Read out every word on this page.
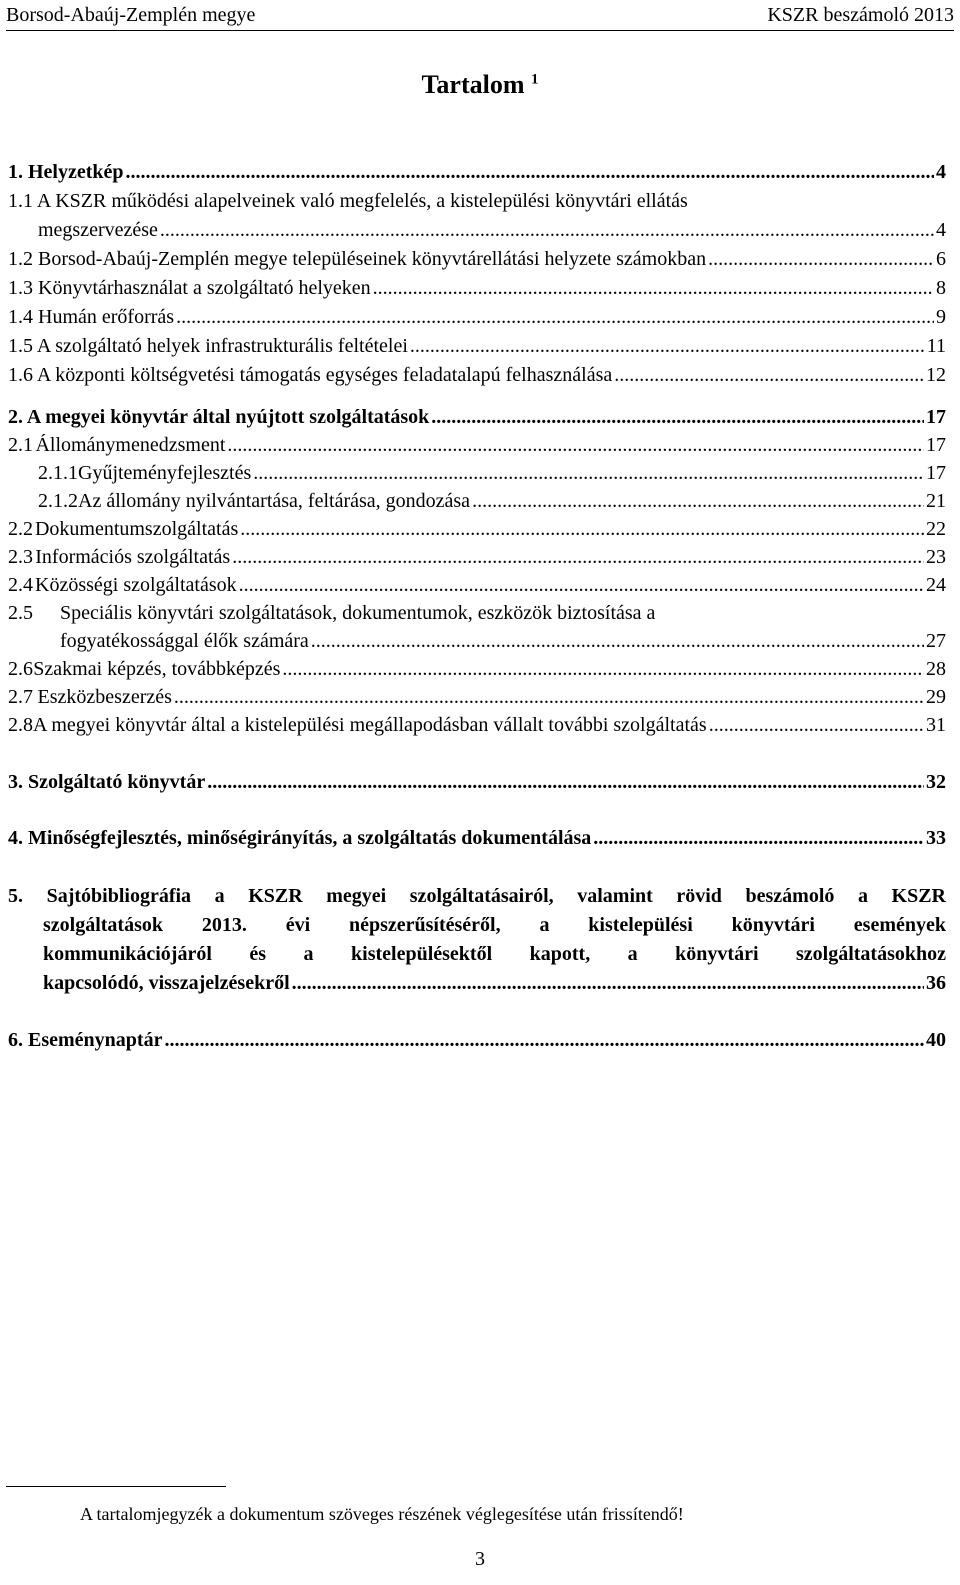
Borsod-Abaúj-Zemplén megye	KSZR beszámoló 2013
Tartalom $^1$
1. Helyzetkép .....	4
1.1 A KSZR működési alapelveinek való megfelelés, a kistelepülési könyvtári ellátás
megszervezése .....	4
1.2 Borsod-Abaúj-Zemplén megye településeinek könyvtárellátási helyzete számokban .....	6
1.3 Könyvtárhasználat a szolgáltató helyeken .....	8
1.4 Humán erőforrás .....	9
1.5 A szolgáltató helyek infrastrukturális feltételei .....	11
1.6 A központi költségvetési támogatás egységes feladatalapú felhasználása .....	12
2. A megyei könyvtár által nyújtott szolgáltatások .....	17
2.1 Állománymenedzsment .....	17
2.1.1 Gyűjteményfejlesztés .....	17
2.1.2 Az állomány nyilvántartása, feltárása, gondozása .....	21
2.2 Dokumentumszolgáltatás .....	22
2.3 Információs szolgáltatás .....	23
2.4 Közösségi szolgáltatások .....	24
2.5 Speciális könyvtári szolgáltatások, dokumentumok, eszközök biztosítása a
fogyatékossággal élők számára .....	27
2.6 Szakmai képzés, továbbképzés .....	28
2.7 Eszközbeszerzés .....	29
2.8 A megyei könyvtár által a kistelepülési megállapodásban vállalt további szolgáltatás .....	31
3. Szolgáltató könyvtár .....	32
4. Minőségfejlesztés, minőségirányítás, a szolgáltatás dokumentálása .....	33
5. Sajtóbibliográfia a KSZR megyei szolgáltatásairól, valamint rövid beszámoló a KSZR
szolgáltatások 2013. évi népszerűsítéséről, a kistelepülési könyvtári események
kommunikációjáról és a kistelepülésektől kapott, a könyvtári szolgáltatásokhoz
kapcsolódó, visszajelzésekről .....	36
6. Eseménynaptár .....	40
A tartalomjegyzék a dokumentum szöveges részének véglegesítése után frissítendő!
3
